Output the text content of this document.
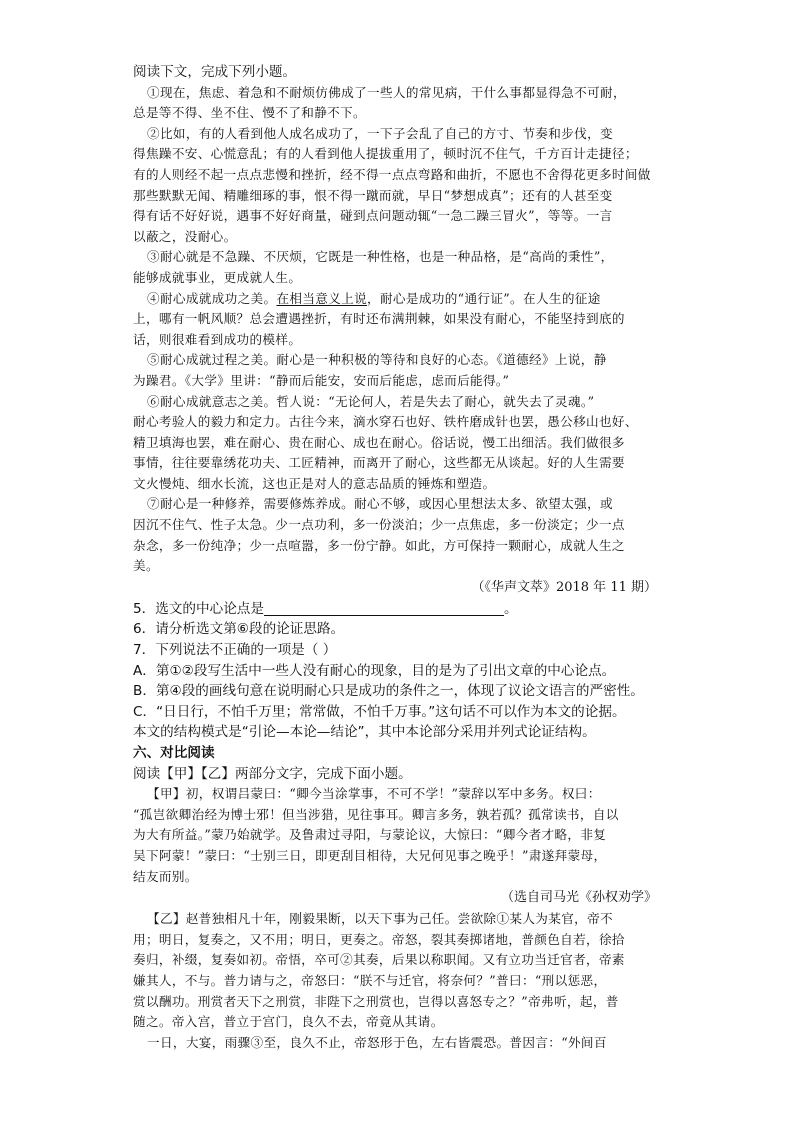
阅读下文，完成下列小题。

①现在，焦虑、着急和不耐烦仿佛成了一些人的常见病，干什么事都显得急不可耐，

总是等不得、坐不住、慢不了和静不下。

②比如，有的人看到他人成名成功了，一下子会乱了自己的方寸、节奏和步伐，变

得焦躁不安、心慌意乱；有的人看到他人提拔重用了，顿时沉不住气，千方百计走捷径；

有的人则经不起一点点悲慢和挫折，经不得一点点弯路和曲折，不愿也不舍得花更多时间做

那些默默无闻、精雕细琢的事，恨不得一蹴而就，早日“梦想成真”；还有的人甚至变

得有话不好好说，遇事不好好商量，碰到点问题动辄“一急二躁三冒火”，等等。一言

以蔽之，没耐心。

③耐心就是不急躁、不厌烦，它既是一种性格，也是一种品格，是“高尚的秉性”，

能够成就事业，更成就人生。

④耐心成就成功之美。在相当意义上说，耐心是成功的“通行证”。在人生的征途

上，哪有一帆风顺？总会遭遇挫折，有时还布满荆棘，如果没有耐心，不能坚持到底的

话，则很难看到成功的模样。

⑤耐心成就过程之美。耐心是一种积极的等待和良好的心态。《道德经》上说，静

为躁君。《大学》里讲：“静而后能安，安而后能虑，虑而后能得。”

⑥耐心成就意志之美。哲人说：“无论何人，若是失去了耐心，就失去了灵魂。”

耐心考验人的毅力和定力。古往今来，滴水穿石也好、铁杵磨成针也罢，愚公移山也好、

精卫填海也罢，难在耐心、贵在耐心、成也在耐心。俗话说，慢工出细活。我们做很多

事情，往往要靠绣花功夫、工匠精神，而离开了耐心，这些都无从谈起。好的人生需要

文火慢炖、细水长流，这也正是对人的意志品质的锤炼和塑造。

⑦耐心是一种修养，需要修炼养成。耐心不够，或因心里想法太多、欲望太强，或

因沉不住气、性子太急。少一点功利，多一份淡泊；少一点焦虑，多一份淡定；少一点

杂念，多一份纯净；少一点喧嚣，多一份宁静。如此，方可保持一颗耐心，成就人生之

美。

（《华声文萃》2018 年 11 期）

5．选文的中心论点是	。

6．请分析选文第⑥段的论证思路。

7．下列说法不正确的一项是（ ）

A．第①②段写生活中一些人没有耐心的现象，目的是为了引出文章的中心论点。

B．第④段的画线句意在说明耐心只是成功的条件之一，体现了议论文语言的严密性。

C．“日日行，不怕千万里；常常做，不怕千万事。”这句话不可以作为本文的论据。

本文的结构模式是“引论—本论—结论”，其中本论部分采用并列式论证结构。

六、对比阅读

阅读【甲】【乙】两部分文字，完成下面小题。

【甲】初，权谓吕蒙曰：“卿今当涂掌事，不可不学！”蒙辞以军中多务。权曰：

“孤岂欲卿治经为博士邪！但当涉猎，见往事耳。卿言多务，孰若孤？孤常读书，自以

为大有所益。”蒙乃始就学。及鲁肃过寻阳，与蒙论议，大惊曰：“卿今者才略，非复

吴下阿蒙！”蒙曰：“士别三日，即更刮目相待，大兄何见事之晚乎！”肃遂拜蒙母，

结友而别。

（选自司马光《孙权劝学》

【乙】赵普独相凡十年，刚毅果断，以天下事为己任。尝欲除①某人为某官，帝不

用；明日，复奏之，又不用；明日，更奏之。帝怒，裂其奏掷诸地，普颜色自若，徐拾

奏归，补缀，复奏如初。帝悟，卒可②其奏，后果以称职闻。又有立功当迁官者，帝素

嫌其人，不与。普力请与之，帝怒曰：“朕不与迁官，将奈何？”普曰：“刑以惩恶，

赏以酬功。刑赏者天下之刑赏，非陛下之刑赏也，岂得以喜怒专之？”帝弗听，起，普

随之。帝入宫，普立于宫门，良久不去，帝竟从其请。

一日，大宴，雨骤③至，良久不止，帝怒形于色，左右皆震恐。普因言：“外间百
